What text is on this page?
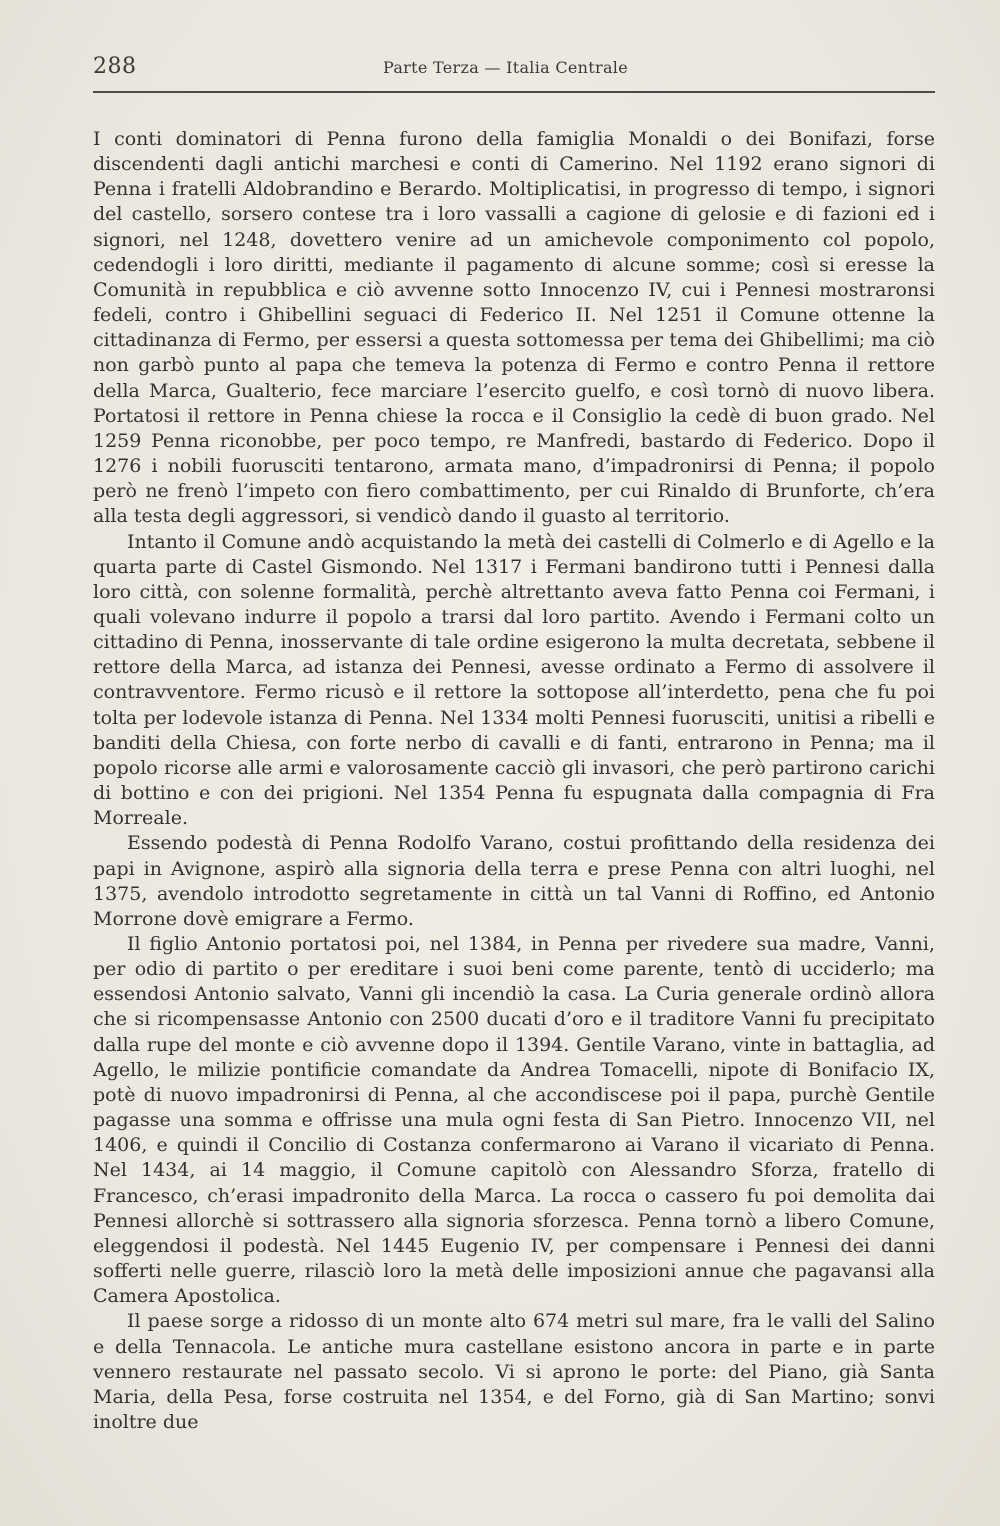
288	Parte Terza — Italia Centrale

I conti dominatori di Penna furono della famiglia Monaldi o dei Bonifazi, forse discendenti dagli antichi marchesi e conti di Camerino. Nel 1192 erano signori di Penna i fratelli Aldobrandino e Berardo. Moltiplicatisi, in progresso di tempo, i signori del castello, sorsero contese tra i loro vassalli a cagione di gelosie e di fazioni ed i signori, nel 1248, dovettero venire ad un amichevole componimento col popolo, cedendogli i loro diritti, mediante il pagamento di alcune somme; così si eresse la Comunità in repubblica e ciò avvenne sotto Innocenzo IV, cui i Pennesi mostraronsi fedeli, contro i Ghibellini seguaci di Federico II. Nel 1251 il Comune ottenne la cittadinanza di Fermo, per essersi a questa sottomessa per tema dei Ghibellimi; ma ciò non garbò punto al papa che temeva la potenza di Fermo e contro Penna il rettore della Marca, Gualterio, fece marciare l’esercito guelfo, e così tornò di nuovo libera. Portatosi il rettore in Penna chiese la rocca e il Consiglio la cedè di buon grado. Nel 1259 Penna riconobbe, per poco tempo, re Manfredi, bastardo di Federico. Dopo il 1276 i nobili fuorusciti tentarono, armata mano, d’impadronirsi di Penna; il popolo però ne frenò l’impeto con fiero combattimento, per cui Rinaldo di Brunforte, ch’era alla testa degli aggressori, si vendicò dando il guasto al territorio.

Intanto il Comune andò acquistando la metà dei castelli di Colmerlo e di Agello e la quarta parte di Castel Gismondo. Nel 1317 i Fermani bandirono tutti i Pennesi dalla loro città, con solenne formalità, perchè altrettanto aveva fatto Penna coi Fermani, i quali volevano indurre il popolo a trarsi dal loro partito. Avendo i Fermani colto un cittadino di Penna, inosservante di tale ordine esigerono la multa decretata, sebbene il rettore della Marca, ad istanza dei Pennesi, avesse ordinato a Fermo di assolvere il contravventore. Fermo ricusò e il rettore la sottopose all’interdetto, pena che fu poi tolta per lodevole istanza di Penna. Nel 1334 molti Pennesi fuorusciti, unitisi a ribelli e banditi della Chiesa, con forte nerbo di cavalli e di fanti, entrarono in Penna; ma il popolo ricorse alle armi e valorosamente cacciò gli invasori, che però partirono carichi di bottino e con dei prigioni. Nel 1354 Penna fu espugnata dalla compagnia di Fra Morreale.

Essendo podestà di Penna Rodolfo Varano, costui profittando della residenza dei papi in Avignone, aspirò alla signoria della terra e prese Penna con altri luoghi, nel 1375, avendolo introdotto segretamente in città un tal Vanni di Roffino, ed Antonio Morrone dovè emigrare a Fermo.

Il figlio Antonio portatosi poi, nel 1384, in Penna per rivedere sua madre, Vanni, per odio di partito o per ereditare i suoi beni come parente, tentò di ucciderlo; ma essendosi Antonio salvato, Vanni gli incendiò la casa. La Curia generale ordinò allora che si ricompensasse Antonio con 2500 ducati d’oro e il traditore Vanni fu precipitato dalla rupe del monte e ciò avvenne dopo il 1394. Gentile Varano, vinte in battaglia, ad Agello, le milizie pontificie comandate da Andrea Tomacelli, nipote di Bonifacio IX, potè di nuovo impadronirsi di Penna, al che accondiscese poi il papa, purchè Gentile pagasse una somma e offrisse una mula ogni festa di San Pietro. Innocenzo VII, nel 1406, e quindi il Concilio di Costanza confermarono ai Varano il vicariato di Penna. Nel 1434, ai 14 maggio, il Comune capitolò con Alessandro Sforza, fratello di Francesco, ch’erasi impadronito della Marca. La rocca o cassero fu poi demolita dai Pennesi allorchè si sottrassero alla signoria sforzesca. Penna tornò a libero Comune, eleggendosi il podestà. Nel 1445 Eugenio IV, per compensare i Pennesi dei danni sofferti nelle guerre, rilasciò loro la metà delle imposizioni annue che pagavansi alla Camera Apostolica.

Il paese sorge a ridosso di un monte alto 674 metri sul mare, fra le valli del Salino e della Tennacola. Le antiche mura castellane esistono ancora in parte e in parte vennero restaurate nel passato secolo. Vi si aprono le porte: del Piano, già Santa Maria, della Pesa, forse costruita nel 1354, e del Forno, già di San Martino; sonvi inoltre due
